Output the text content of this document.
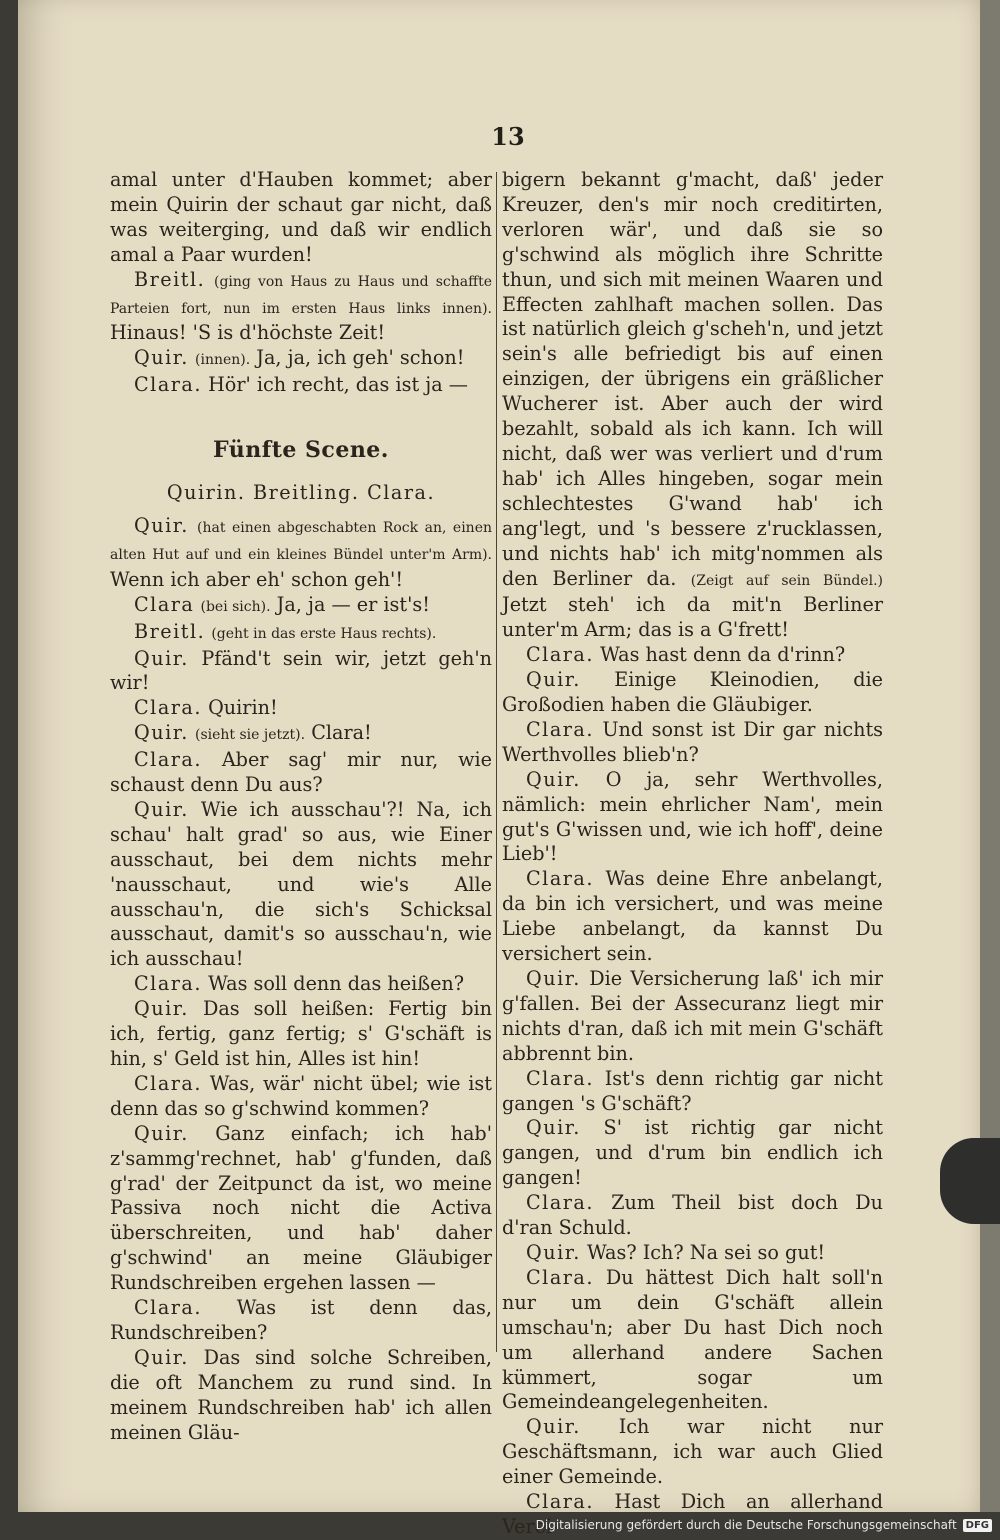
13

amal unter d'Hauben kommet; aber mein Quirin der schaut gar nicht, daß was weiterging, und daß wir endlich amal a Paar wurden!

Breitl. (ging von Haus zu Haus und schaffte Parteien fort, nun im ersten Haus links innen). Hinaus! 'S is d'höchste Zeit!

Quir. (innen). Ja, ja, ich geh' schon!

Clara. Hör' ich recht, das ist ja —

Fünfte Scene.
Quirin. Breitling. Clara.

Quir. (hat einen abgeschabten Rock an, einen alten Hut auf und ein kleines Bündel unter'm Arm). Wenn ich aber eh' schon geh'!

Clara (bei sich). Ja, ja — er ist's!

Breitl. (geht in das erste Haus rechts).

Quir. Pfänd't sein wir, jetzt geh'n wir!

Clara. Quirin!

Quir. (sieht sie jetzt). Clara!

Clara. Aber sag' mir nur, wie schaust denn Du aus?

Quir. Wie ich ausschau'?! Na, ich schau' halt grad' so aus, wie Einer ausschaut, bei dem nichts mehr 'nausschaut, und wie's Alle ausschau'n, die sich's Schicksal ausschaut, damit's so ausschau'n, wie ich ausschau!

Clara. Was soll denn das heißen?

Quir. Das soll heißen: Fertig bin ich, fertig, ganz fertig; s' G'schäft is hin, s' Geld ist hin, Alles ist hin!

Clara. Was, wär' nicht übel; wie ist denn das so g'schwind kommen?

Quir. Ganz einfach; ich hab' z'sammg'rechnet, hab' g'funden, daß g'rad' der Zeitpunct da ist, wo meine Passiva noch nicht die Activa überschreiten, und hab' daher g'schwind' an meine Gläubiger Rundschreiben ergehen lassen —

Clara. Was ist denn das, Rundschreiben?

Quir. Das sind solche Schreiben, die oft Manchem zu rund sind. In meinem Rundschreiben hab' ich allen meinen Gläu-

bigern bekannt g'macht, daß' jeder Kreuzer, den's mir noch creditirten, verloren wär', und daß sie so g'schwind als möglich ihre Schritte thun, und sich mit meinen Waaren und Effecten zahlhaft machen sollen. Das ist natürlich gleich g'scheh'n, und jetzt sein's alle befriedigt bis auf einen einzigen, der übrigens ein gräßlicher Wucherer ist. Aber auch der wird bezahlt, sobald als ich kann. Ich will nicht, daß wer was verliert und d'rum hab' ich Alles hingeben, sogar mein schlechtestes G'wand hab' ich ang'legt, und 's bessere z'rucklassen, und nichts hab' ich mitg'nommen als den Berliner da. (Zeigt auf sein Bündel.) Jetzt steh' ich da mit'n Berliner unter'm Arm; das is a G'frett!

Clara. Was hast denn da d'rinn?

Quir. Einige Kleinodien, die Großodien haben die Gläubiger.

Clara. Und sonst ist Dir gar nichts Werthvolles blieb'n?

Quir. O ja, sehr Werthvolles, nämlich: mein ehrlicher Nam', mein gut's G'wissen und, wie ich hoff', deine Lieb'!

Clara. Was deine Ehre anbelangt, da bin ich versichert, und was meine Liebe anbelangt, da kannst Du versichert sein.

Quir. Die Versicherung laß' ich mir g'fallen. Bei der Assecuranz liegt mir nichts d'ran, daß ich mit mein G'schäft abbrennt bin.

Clara. Ist's denn richtig gar nicht gangen 's G'schäft?

Quir. S' ist richtig gar nicht gangen, und d'rum bin endlich ich gangen!

Clara. Zum Theil bist doch Du d'ran Schuld.

Quir. Was? Ich? Na sei so gut!

Clara. Du hättest Dich halt soll'n nur um dein G'schäft allein umschau'n; aber Du hast Dich noch um allerhand andere Sachen kümmert, sogar um Gemeindeangelegenheiten.

Quir. Ich war nicht nur Geschäftsmann, ich war auch Glied einer Gemeinde.

Clara. Hast Dich an allerhand Verei-

Digitalisierung gefördert durch die Deutsche Forschungsgemeinschaft DFG
